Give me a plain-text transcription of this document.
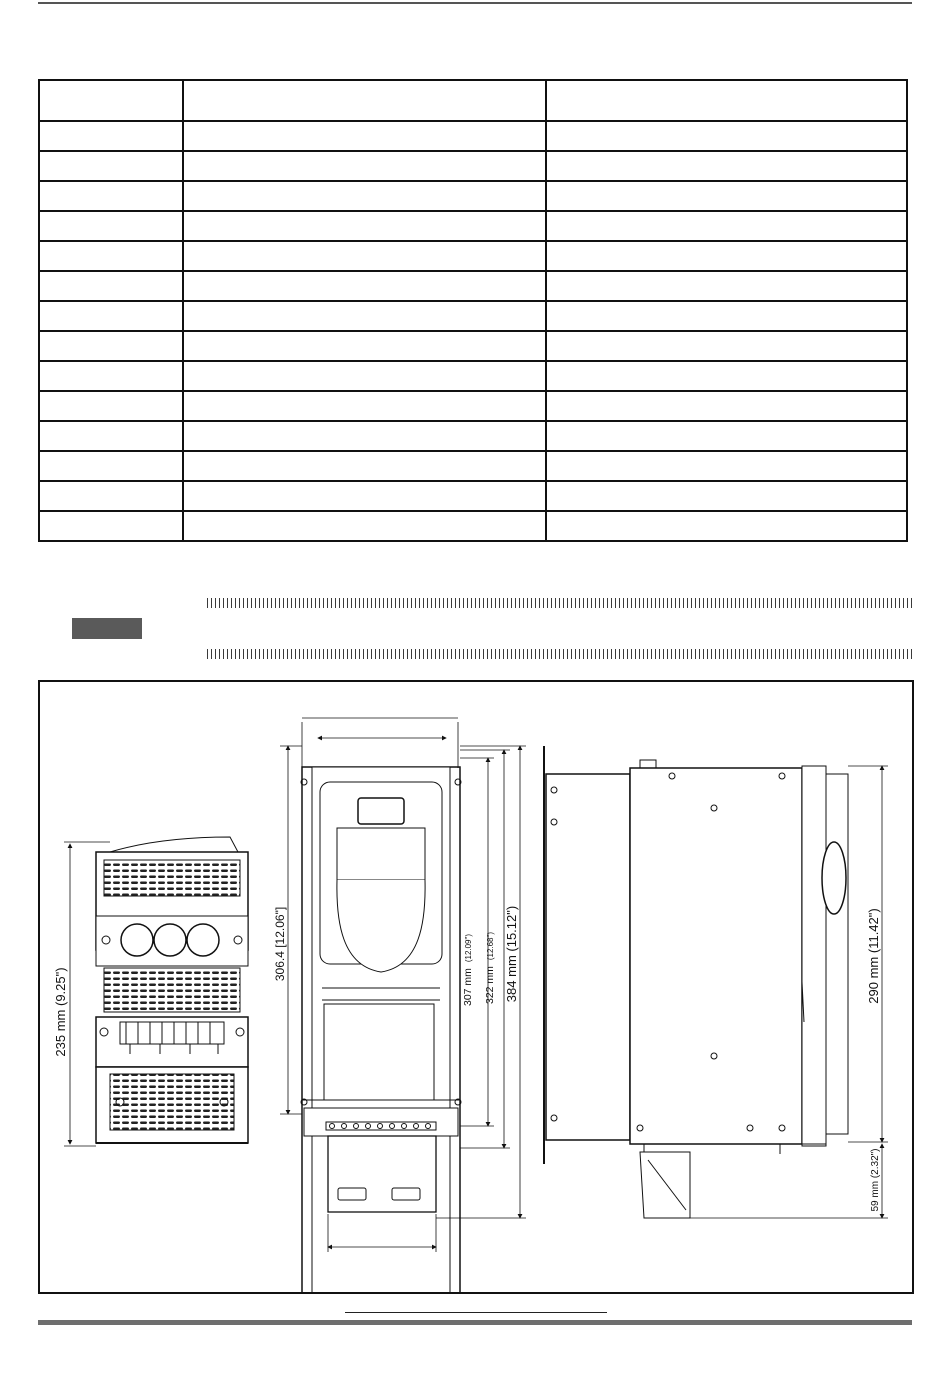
235 mm (9.25")
306.4 [12.06"]
307 mm (12.09")
322 mm (12.68") 384 mm (15.12")	290 mm (11.42")
59 mm (2.32")
